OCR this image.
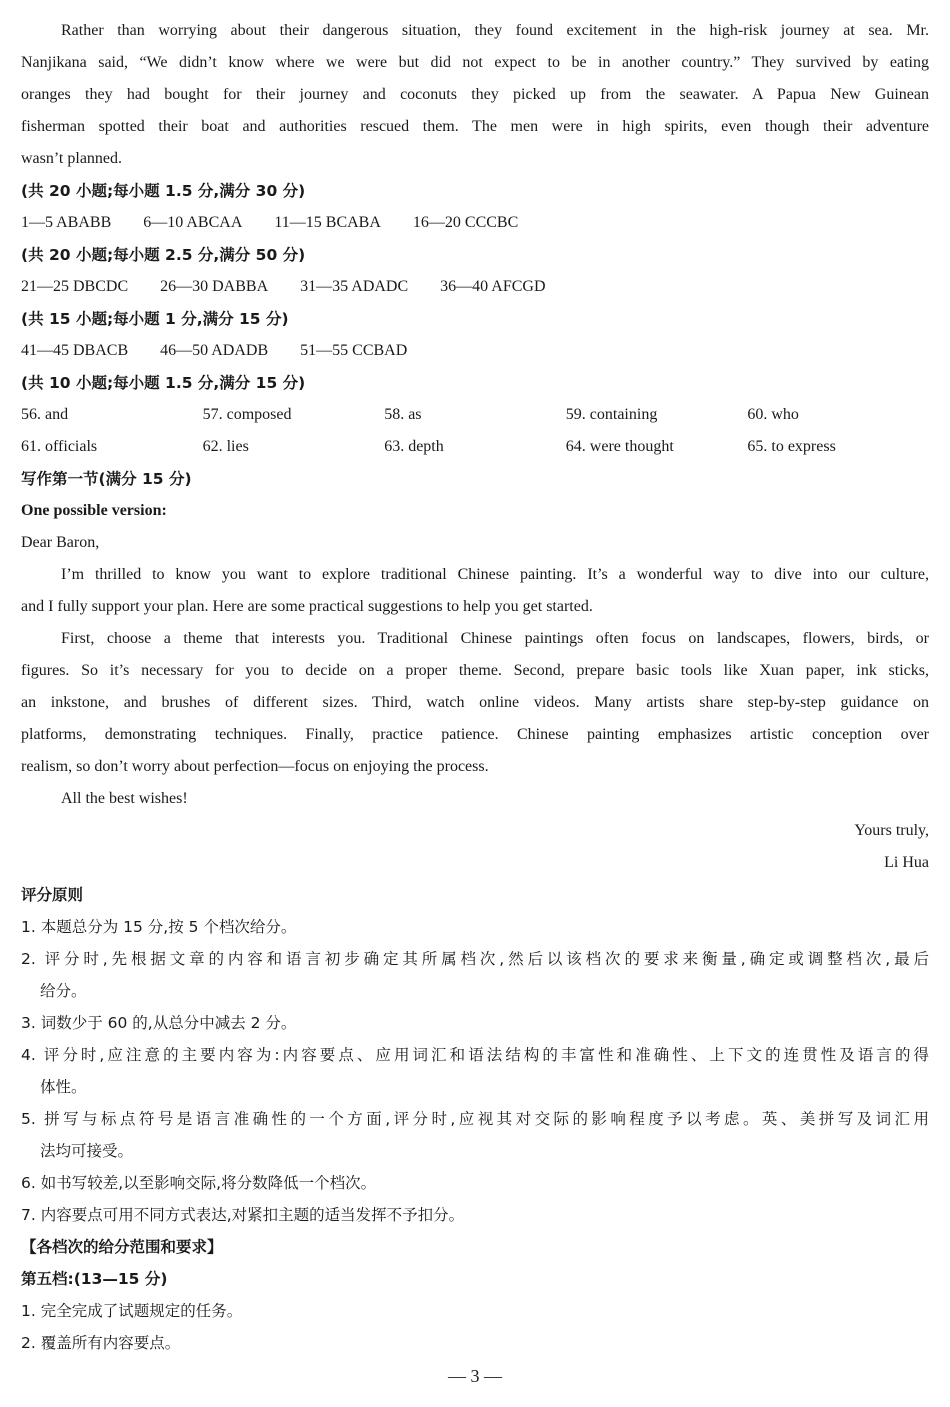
Rather than worrying about their dangerous situation, they found excitement in the high-risk journey at sea. Mr.
Nanjikana said, “We didn’t know where we were but did not expect to be in another country.” They survived by eating
oranges they had bought for their journey and coconuts they picked up from the seawater. A Papua New Guinean
fisherman spotted their boat and authorities rescued them. The men were in high spirits, even though their adventure
wasn’t planned.
(共 20 小题;每小题 1.5 分,满分 30 分)
1—5 ABABB 6—10 ABCAA 11—15 BCABA 16—20 CCCBC
(共 20 小题;每小题 2.5 分,满分 50 分)
21—25 DBCDC 26—30 DABBA 31—35 ADADC 36—40 AFCGD
(共 15 小题;每小题 1 分,满分 15 分)
41—45 DBACB 46—50 ADADB 51—55 CCBAD
(共 10 小题;每小题 1.5 分,满分 15 分)
56. and	57. composed	58. as	59. containing	60. who
61. officials	62. lies	63. depth	64. were thought	65. to express
写作第一节(满分 15 分)
One possible version:
Dear Baron,
I’m thrilled to know you want to explore traditional Chinese painting. It’s a wonderful way to dive into our culture,
and I fully support your plan. Here are some practical suggestions to help you get started.
First, choose a theme that interests you. Traditional Chinese paintings often focus on landscapes, flowers, birds, or
figures. So it’s necessary for you to decide on a proper theme. Second, prepare basic tools like Xuan paper, ink sticks,
an inkstone, and brushes of different sizes. Third, watch online videos. Many artists share step-by-step guidance on
platforms, demonstrating techniques. Finally, practice patience. Chinese painting emphasizes artistic conception over
realism, so don’t worry about perfection—focus on enjoying the process.
All the best wishes!
Yours truly,
Li Hua
评分原则
1. 本题总分为 15 分,按 5 个档次给分。
2. 评分时,先根据文章的内容和语言初步确定其所属档次,然后以该档次的要求来衡量,确定或调整档次,最后
给分。
3. 词数少于 60 的,从总分中减去 2 分。
4. 评分时,应注意的主要内容为:内容要点、应用词汇和语法结构的丰富性和准确性、上下文的连贯性及语言的得
体性。
5. 拼写与标点符号是语言准确性的一个方面,评分时,应视其对交际的影响程度予以考虑。英、美拼写及词汇用
法均可接受。
6. 如书写较差,以至影响交际,将分数降低一个档次。
7. 内容要点可用不同方式表达,对紧扣主题的适当发挥不予扣分。
【各档次的给分范围和要求】
第五档:(13—15 分)
1. 完全完成了试题规定的任务。
2. 覆盖所有内容要点。
— 3 —
